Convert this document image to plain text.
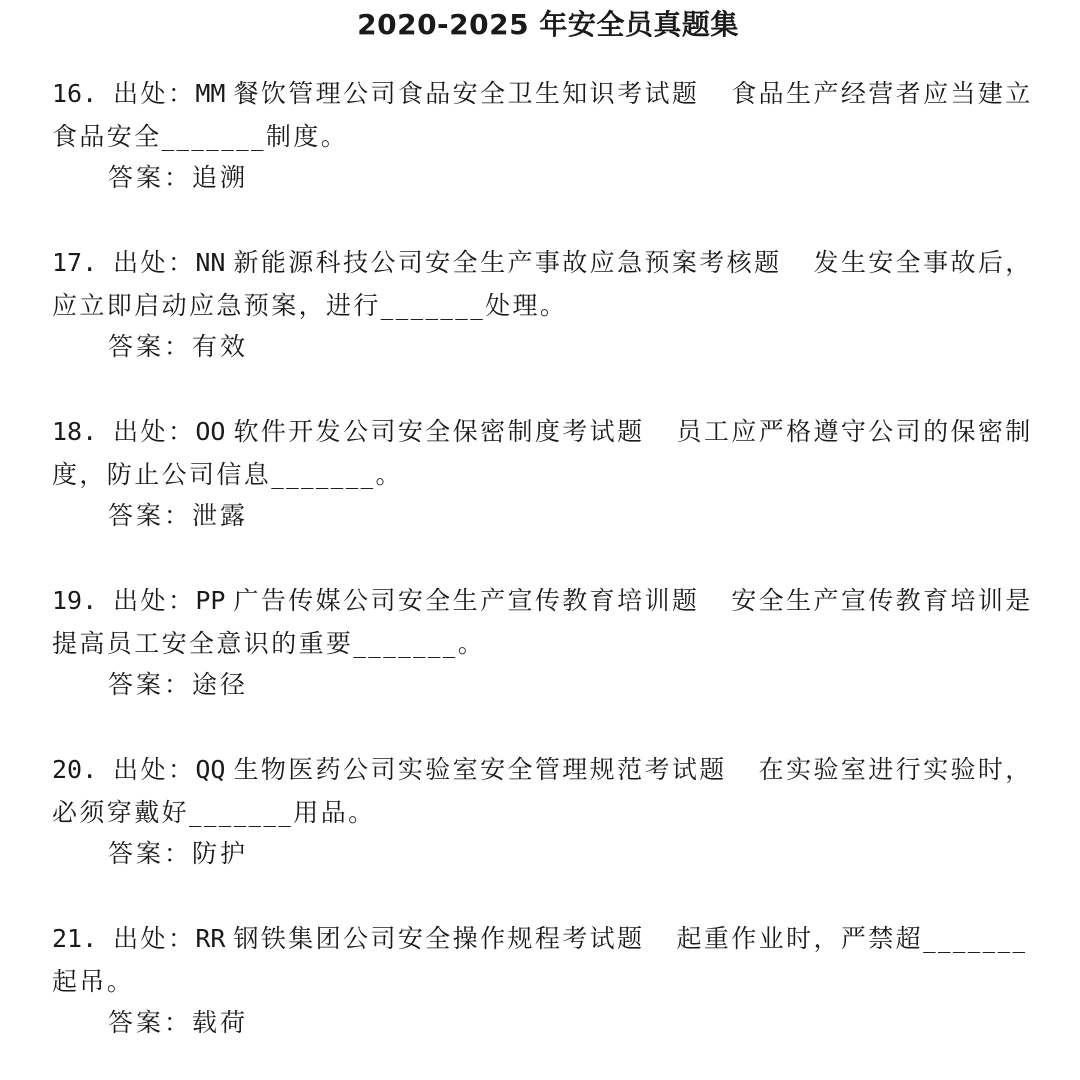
2020-2025 年安全员真题集
16. 出处：MM 餐饮管理公司食品安全卫生知识考试题 食品生产经营者应当建立食品安全_______制度。
答案：追溯
17. 出处：NN 新能源科技公司安全生产事故应急预案考核题 发生安全事故后，应立即启动应急预案，进行_______处理。
答案：有效
18. 出处：OO 软件开发公司安全保密制度考试题 员工应严格遵守公司的保密制度，防止公司信息_______。
答案：泄露
19. 出处：PP 广告传媒公司安全生产宣传教育培训题 安全生产宣传教育培训是提高员工安全意识的重要_______。
答案：途径
20. 出处：QQ 生物医药公司实验室安全管理规范考试题 在实验室进行实验时，必须穿戴好_______用品。
答案：防护
21. 出处：RR 钢铁集团公司安全操作规程考试题 起重作业时，严禁超_______起吊。
答案：载荷
